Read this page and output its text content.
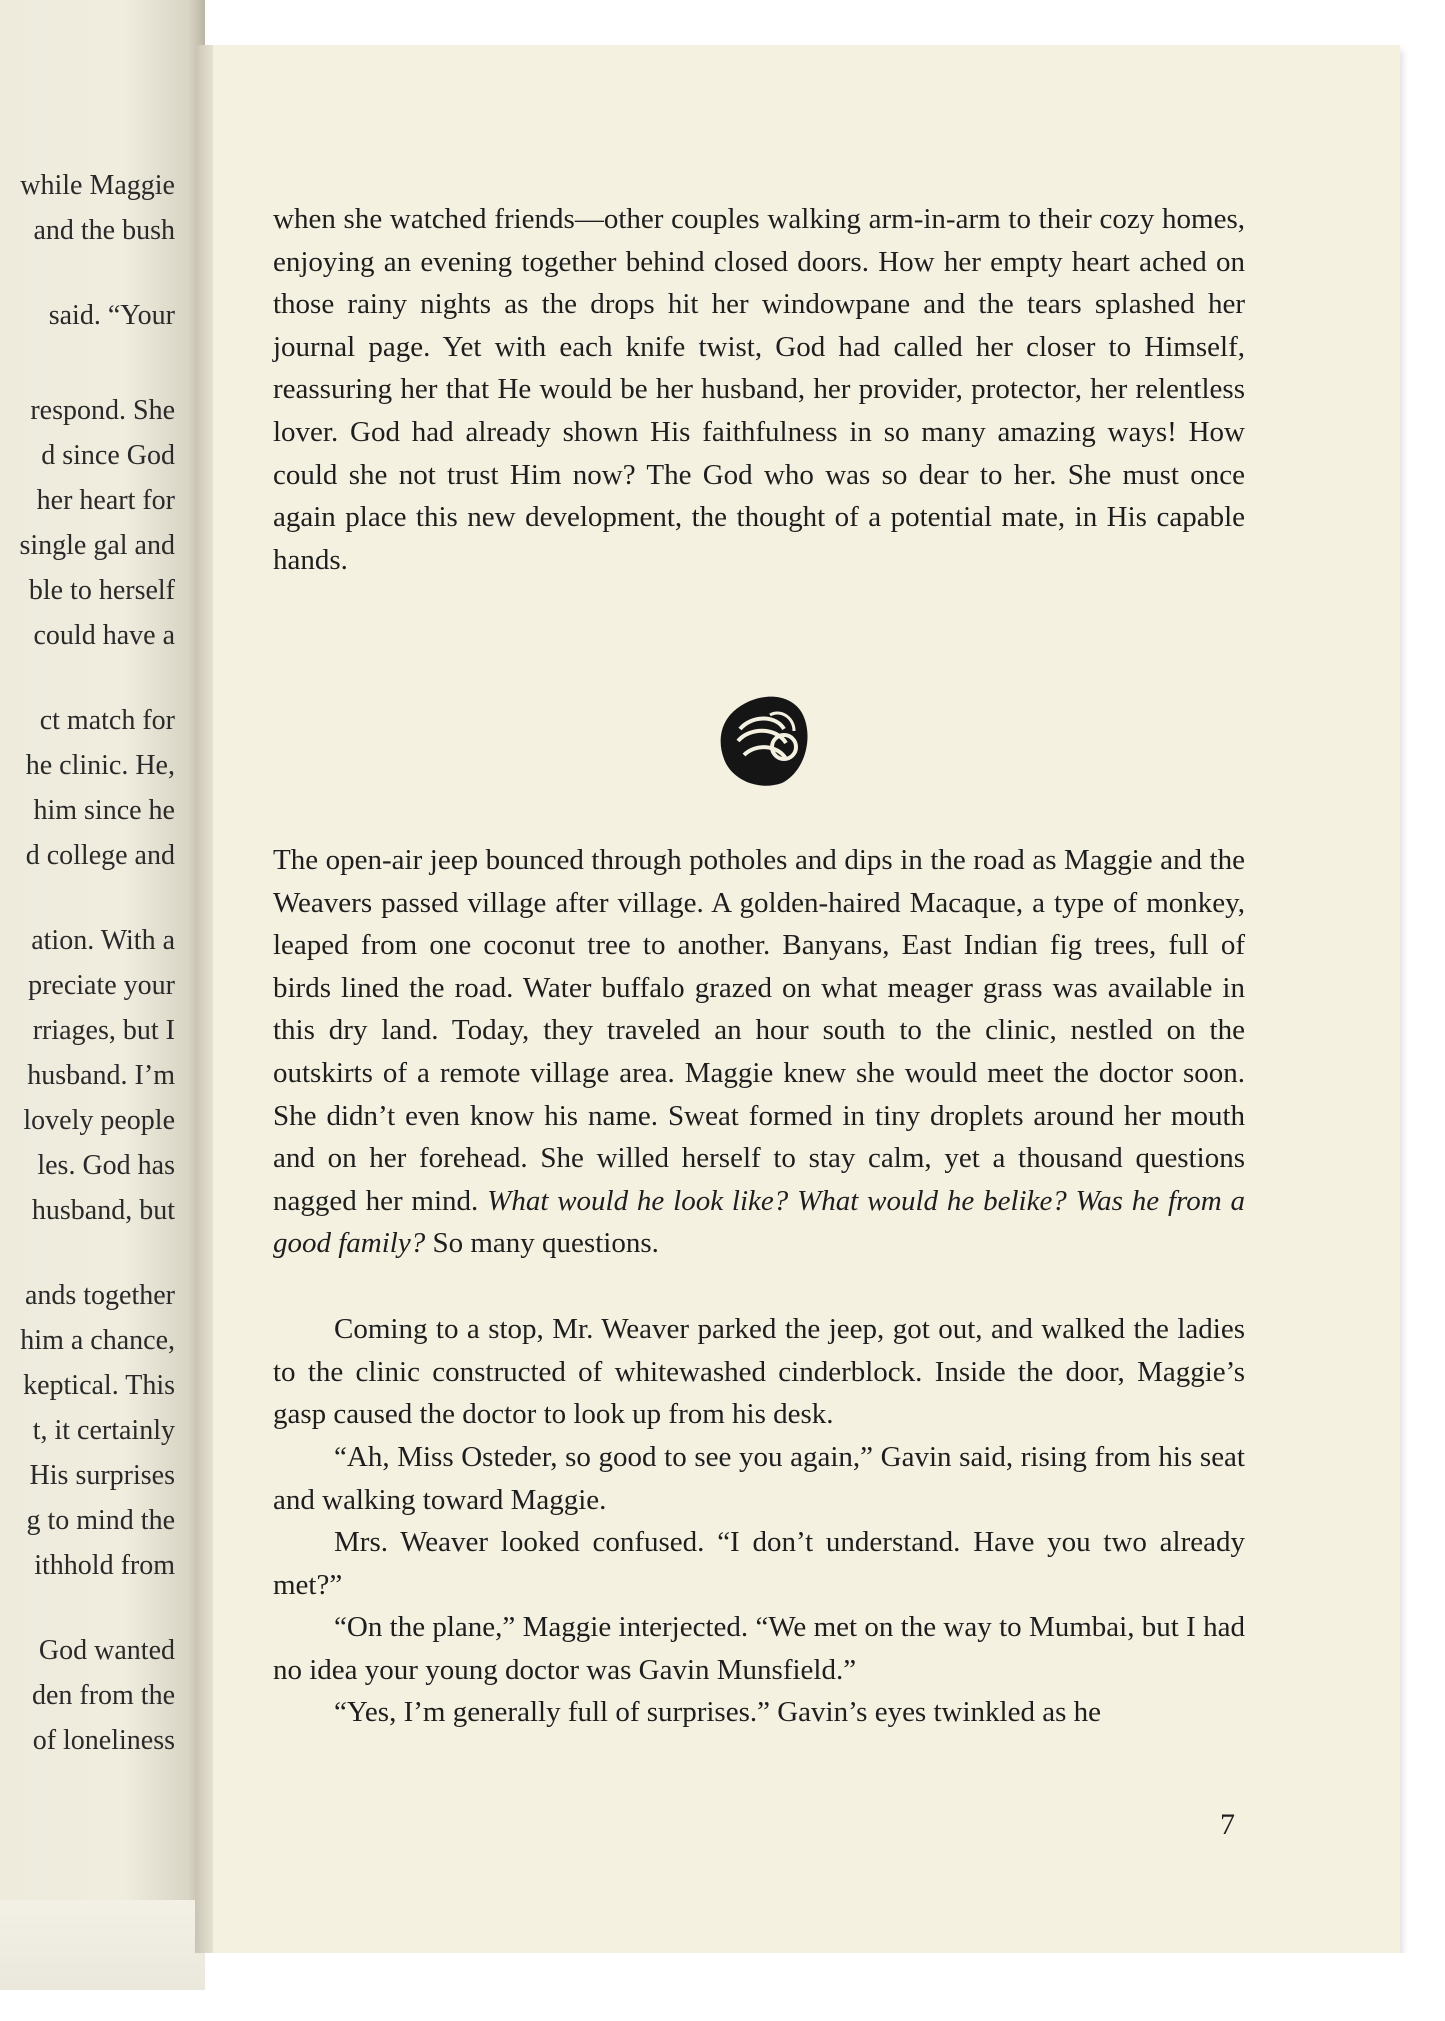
while Maggie
and the bush
said. “Your
respond. She
d since God
her heart for
single gal and
ble to herself
could have a
ct match for
he clinic. He,
him since he
d college and
ation. With a
preciate your
rriages, but I
husband. I’m
lovely people
les. God has
husband, but
ands together
him a chance,
keptical. This
t, it certainly
His surprises
g to mind the
ithhold from
God wanted
den from the
of loneliness

when she watched friends—other couples walking arm-in-arm to their cozy homes, enjoying an evening together behind closed doors. How her empty heart ached on those rainy nights as the drops hit her windowpane and the tears splashed her journal page. Yet with each knife twist, God had called her closer to Himself, reassuring her that He would be her husband, her provider, protector, her relentless lover. God had already shown His faithfulness in so many amazing ways! How could she not trust Him now? The God who was so dear to her. She must once again place this new development, the thought of a potential mate, in His capable hands.

The open-air jeep bounced through potholes and dips in the road as Maggie and the Weavers passed village after village. A golden-haired Macaque, a type of monkey, leaped from one coconut tree to another. Banyans, East Indian fig trees, full of birds lined the road. Water buffalo grazed on what meager grass was available in this dry land. Today, they traveled an hour south to the clinic, nestled on the outskirts of a remote village area. Maggie knew she would meet the doctor soon. She didn’t even know his name. Sweat formed in tiny droplets around her mouth and on her forehead. She willed herself to stay calm, yet a thousand questions nagged her mind. What would he look like? What would he belike? Was he from a good family? So many questions.

Coming to a stop, Mr. Weaver parked the jeep, got out, and walked the ladies to the clinic constructed of whitewashed cinderblock. Inside the door, Maggie’s gasp caused the doctor to look up from his desk.

“Ah, Miss Osteder, so good to see you again,” Gavin said, rising from his seat and walking toward Maggie.

Mrs. Weaver looked confused. “I don’t understand. Have you two already met?”

“On the plane,” Maggie interjected. “We met on the way to Mumbai, but I had no idea your young doctor was Gavin Munsfield.”

“Yes, I’m generally full of surprises.” Gavin’s eyes twinkled as he

7
